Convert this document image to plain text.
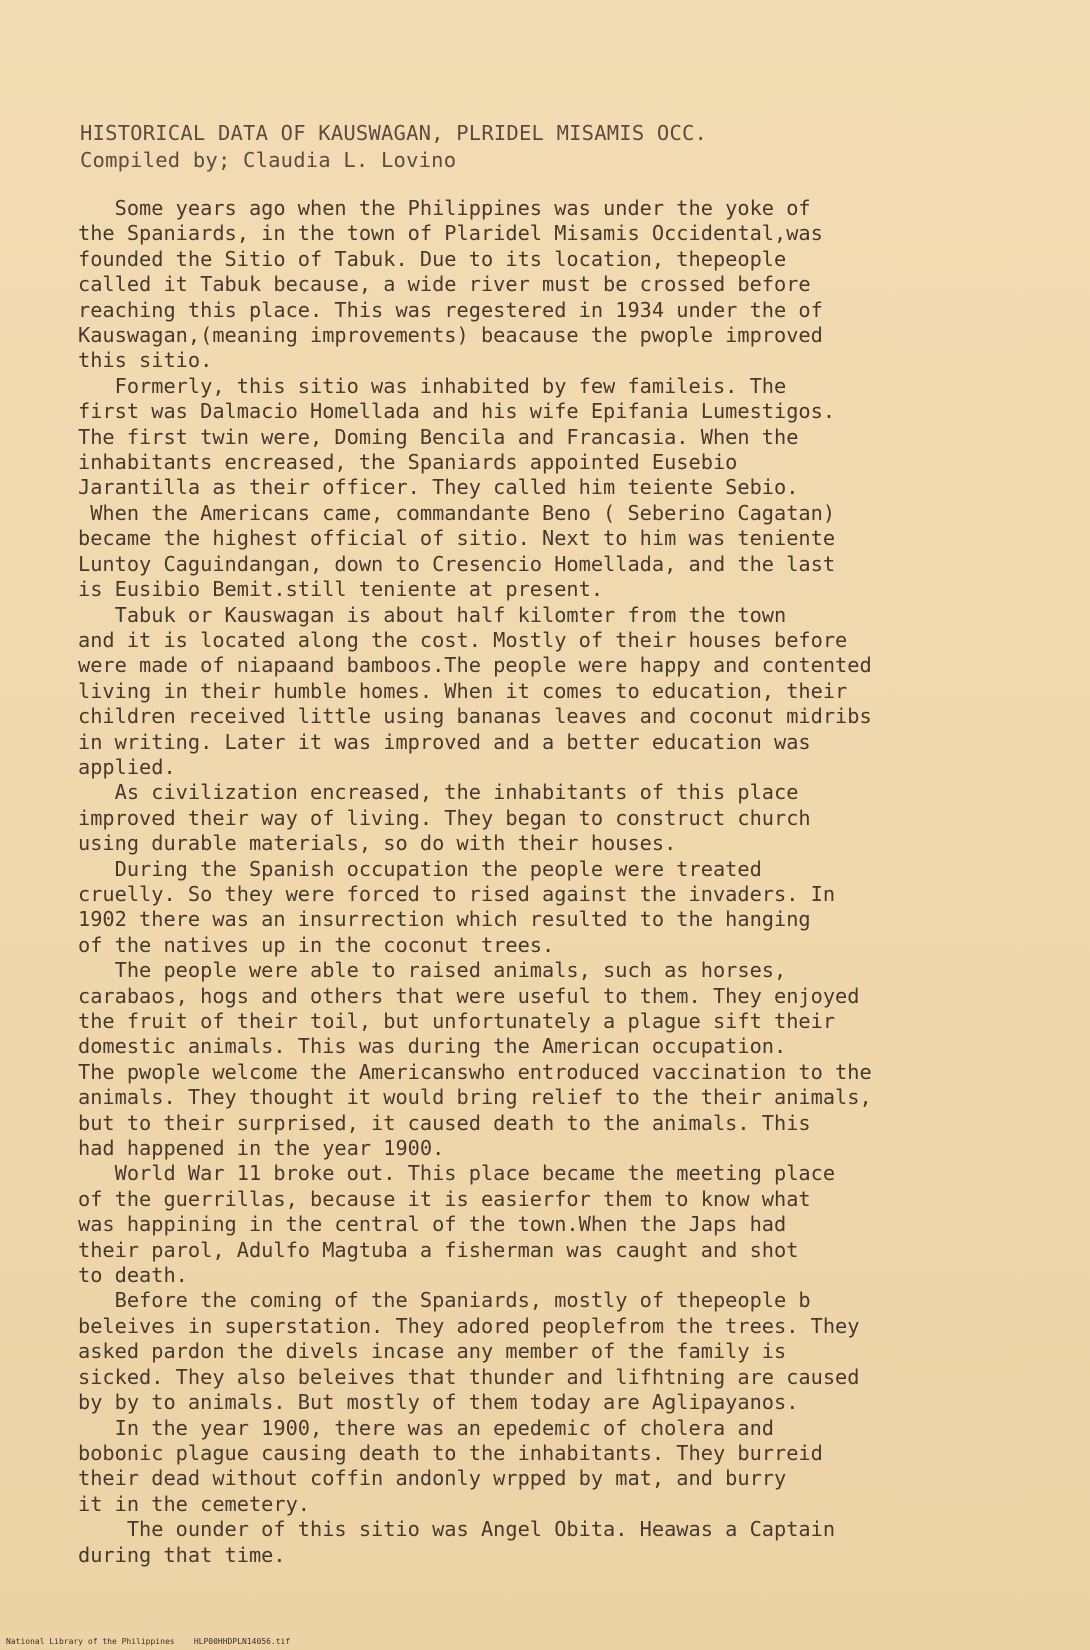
HISTORICAL DATA OF KAUSWAGAN, PLRIDEL MISAMIS OCC.
Compiled by; Claudia L. Lovino
Some years ago when the Philippines was under the yoke of
the Spaniards, in the town of Plaridel Misamis Occidental,was
founded the Sitio of Tabuk. Due to its location, thepeople
called it Tabuk because, a wide river must be crossed before
reaching this place. This was regestered in 1934 under the of
Kauswagan,(meaning improvements) beacause the pwople improved
this sitio.
Formerly, this sitio was inhabited by few famileis. The
first was Dalmacio Homellada and his wife Epifania Lumestigos.
The first twin were, Doming Bencila and Francasia. When the
inhabitants encreased, the Spaniards appointed Eusebio
Jarantilla as their officer. They called him teiente Sebio.
When the Americans came, commandante Beno ( Seberino Cagatan)
became the highest official of sitio. Next to him was teniente
Luntoy Caguindangan, down to Cresencio Homellada, and the last
is Eusibio Bemit.still teniente at present.
Tabuk or Kauswagan is about half kilomter from the town
and it is located along the cost. Mostly of their houses before
were made of niapaand bamboos.The people were happy and contented
living in their humble homes. When it comes to education, their
children received little using bananas leaves and coconut midribs
in writing. Later it was improved and a better education was
applied.
As civilization encreased, the inhabitants of this place
improved their way of living. They began to construct church
using durable materials, so do with their houses.
During the Spanish occupation the people were treated
cruelly. So they were forced to rised against the invaders. In
1902 there was an insurrection which resulted to the hanging
of the natives up in the coconut trees.
The people were able to raised animals, such as horses,
carabaos, hogs and others that were useful to them. They enjoyed
the fruit of their toil, but unfortunately a plague sift their
domestic animals. This was during the American occupation.
The pwople welcome the Americanswho entroduced vaccination to the
animals. They thought it would bring relief to the their animals,
but to their surprised, it caused death to the animals. This
had happened in the year 1900.
World War 11 broke out. This place became the meeting place
of the guerrillas, because it is easierfor them to know what
was happining in the central of the town.When the Japs had
their parol, Adulfo Magtuba a fisherman was caught and shot
to death.
Before the coming of the Spaniards, mostly of thepeople b
beleives in superstation. They adored peoplefrom the trees. They
asked pardon the divels incase any member of the family is
sicked. They also beleives that thunder and lifhtning are caused
by by to animals. But mostly of them today are Aglipayanos.
In the year 1900, there was an epedemic of cholera and
bobonic plague causing death to the inhabitants. They burreid
their dead without coffin andonly wrpped by mat, and burry
it in the cemetery.
The ounder of this sitio was Angel Obita. Heawas a Captain
during that time.
National Library of the Philippines    HLP00HHDPLN14056.tif
